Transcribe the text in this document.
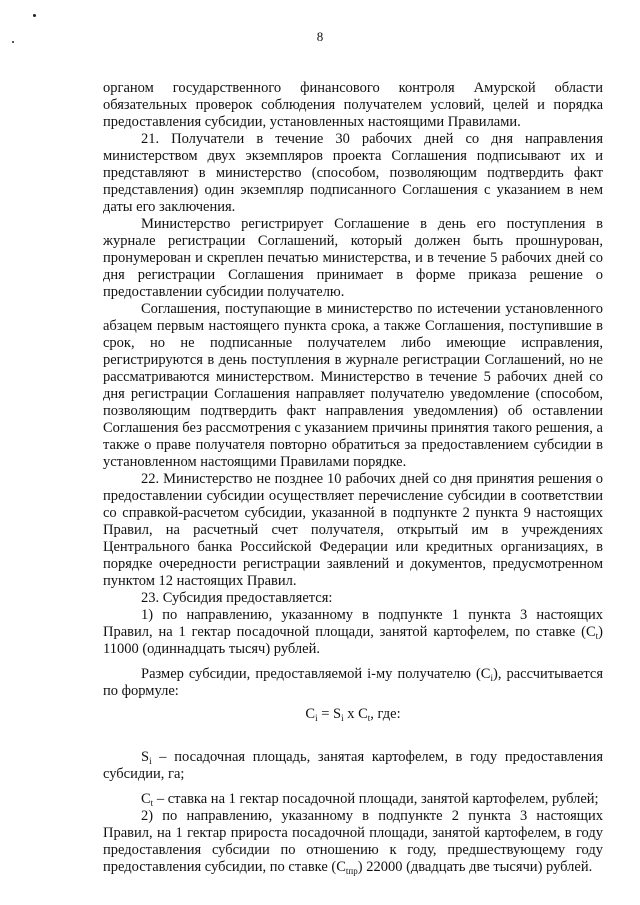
8

органом государственного финансового контроля Амурской области обязательных проверок соблюдения получателем условий, целей и порядка предоставления субсидии, установленных настоящими Правилами.

21. Получатели в течение 30 рабочих дней со дня направления министерством двух экземпляров проекта Соглашения подписывают их и представляют в министерство (способом, позволяющим подтвердить факт представления) один экземпляр подписанного Соглашения с указанием в нем даты его заключения.

Министерство регистрирует Соглашение в день его поступления в журнале регистрации Соглашений, который должен быть прошнурован, пронумерован и скреплен печатью министерства, и в течение 5 рабочих дней со дня регистрации Соглашения принимает в форме приказа решение о предоставлении субсидии получателю.

Соглашения, поступающие в министерство по истечении установленного абзацем первым настоящего пункта срока, а также Соглашения, поступившие в срок, но не подписанные получателем либо имеющие исправления, регистрируются в день поступления в журнале регистрации Соглашений, но не рассматриваются министерством. Министерство в течение 5 рабочих дней со дня регистрации Соглашения направляет получателю уведомление (способом, позволяющим подтвердить факт направления уведомления) об оставлении Соглашения без рассмотрения с указанием причины принятия такого решения, а также о праве получателя повторно обратиться за предоставлением субсидии в установленном настоящими Правилами порядке.

22. Министерство не позднее 10 рабочих дней со дня принятия решения о предоставлении субсидии осуществляет перечисление субсидии в соответствии со справкой-расчетом субсидии, указанной в подпункте 2 пункта 9 настоящих Правил, на расчетный счет получателя, открытый им в учреждениях Центрального банка Российской Федерации или кредитных организациях, в порядке очередности регистрации заявлений и документов, предусмотренном пунктом 12 настоящих Правил.

23. Субсидия предоставляется:

1) по направлению, указанному в подпункте 1 пункта 3 настоящих Правил, на 1 гектар посадочной площади, занятой картофелем, по ставке $(C_t)$ 11000 (одиннадцать тысяч) рублей.

Размер субсидии, предоставляемой i-му получателю $(C_i)$, рассчитывается по формуле:

$C_i = S_i$ x $C_t$, где:

$S_i$ – посадочная площадь, занятая картофелем, в году предоставления субсидии, га;

$C_t$ – ставка на 1 гектар посадочной площади, занятой картофелем, рублей;

2) по направлению, указанному в подпункте 2 пункта 3 настоящих Правил, на 1 гектар прироста посадочной площади, занятой картофелем, в году предоставления субсидии по отношению к году, предшествующему году предоставления субсидии, по ставке $(C_{tпр})$ 22000 (двадцать две тысячи) рублей.
